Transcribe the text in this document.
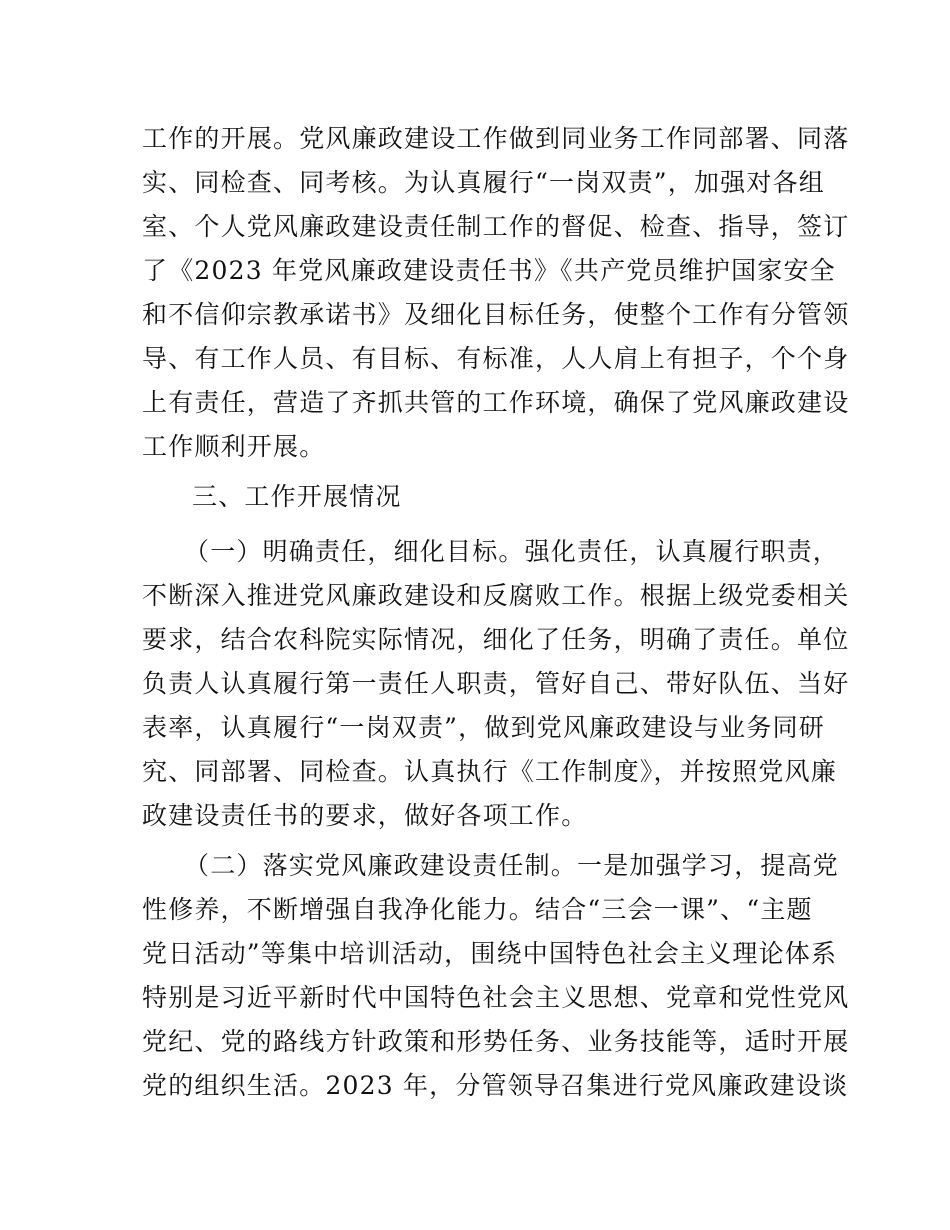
工作的开展。党风廉政建设工作做到同业务工作同部署、同落
实、同检查、同考核。为认真履行“一岗双责”，加强对各组
室、个人党风廉政建设责任制工作的督促、检查、指导，签订
了《2023 年党风廉政建设责任书》《共产党员维护国家安全
和不信仰宗教承诺书》及细化目标任务，使整个工作有分管领
导、有工作人员、有目标、有标准，人人肩上有担子，个个身
上有责任，营造了齐抓共管的工作环境，确保了党风廉政建设
工作顺利开展。
三、工作开展情况
（一）明确责任，细化目标。强化责任，认真履行职责，
不断深入推进党风廉政建设和反腐败工作。根据上级党委相关
要求，结合农科院实际情况，细化了任务，明确了责任。单位
负责人认真履行第一责任人职责，管好自己、带好队伍、当好
表率，认真履行“一岗双责”，做到党风廉政建设与业务同研
究、同部署、同检查。认真执行《工作制度》，并按照党风廉
政建设责任书的要求，做好各项工作。
（二）落实党风廉政建设责任制。一是加强学习，提高党
性修养，不断增强自我净化能力。结合“三会一课”、“主题
党日活动”等集中培训活动，围绕中国特色社会主义理论体系
特别是习近平新时代中国特色社会主义思想、党章和党性党风
党纪、党的路线方针政策和形势任务、业务技能等，适时开展
党的组织生活。2023 年，分管领导召集进行党风廉政建设谈
